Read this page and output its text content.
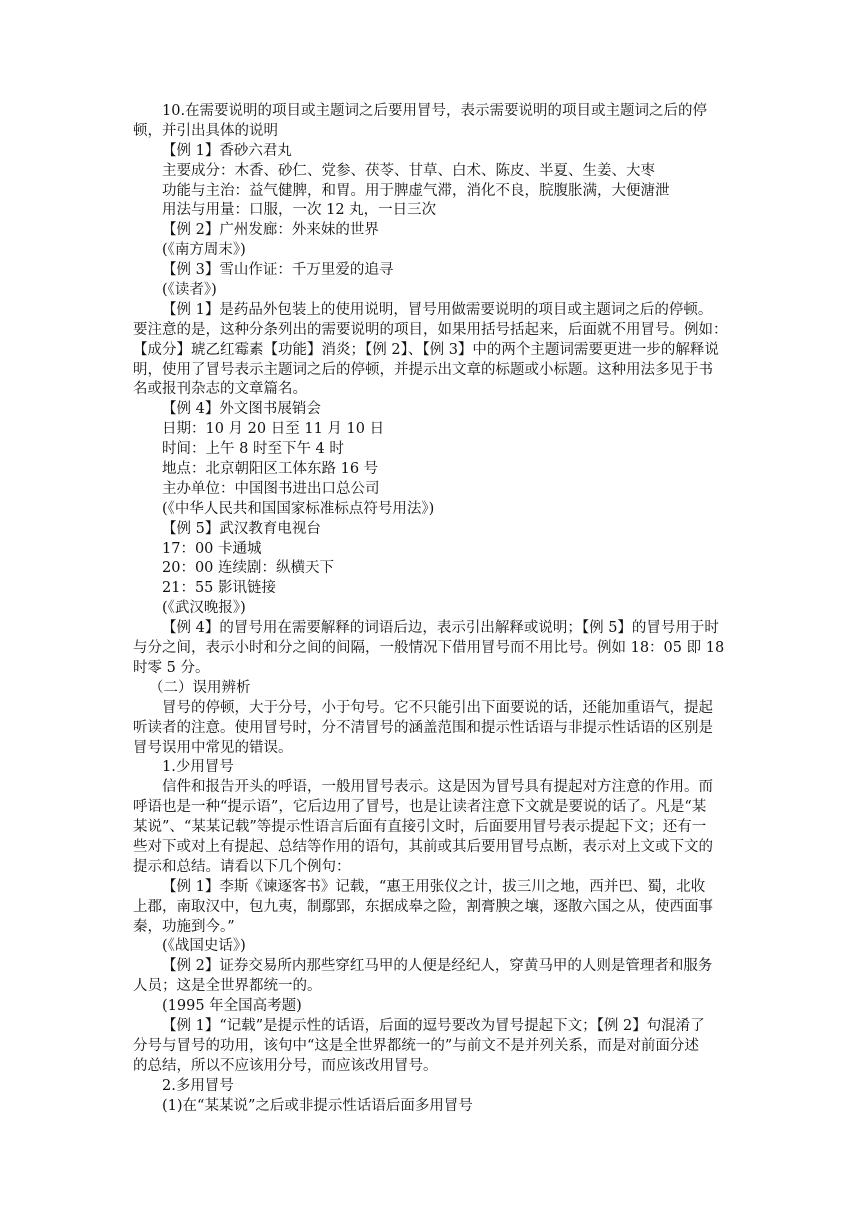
10.在需要说明的项目或主题词之后要用冒号，表示需要说明的项目或主题词之后的停
顿，并引出具体的说明
【例 1】香砂六君丸
主要成分：木香、砂仁、党参、茯苓、甘草、白术、陈皮、半夏、生姜、大枣
功能与主治：益气健脾，和胃。用于脾虚气滞，消化不良，脘腹胀满，大便溏泄
用法与用量：口服，一次 12 丸，一日三次
【例 2】广州发廊：外来妹的世界
(《南方周末》)
【例 3】雪山作证：千万里爱的追寻
(《读者》)
【例 1】是药品外包装上的使用说明，冒号用做需要说明的项目或主题词之后的停顿。
要注意的是，这种分条列出的需要说明的项目，如果用括号括起来，后面就不用冒号。例如：
【成分】琥乙红霉素【功能】消炎；【例 2】、【例 3】中的两个主题词需要更进一步的解释说
明，使用了冒号表示主题词之后的停顿，并提示出文章的标题或小标题。这种用法多见于书
名或报刊杂志的文章篇名。
【例 4】外文图书展销会
日期：10 月 20 日至 11 月 10 日
时间：上午 8 时至下午 4 时
地点：北京朝阳区工体东路 16 号
主办单位：中国图书进出口总公司
(《中华人民共和国国家标准标点符号用法》)
【例 5】武汉教育电视台
17：00 卡通城
20：00 连续剧：纵横天下
21：55 影讯链接
(《武汉晚报》)
【例 4】的冒号用在需要解释的词语后边，表示引出解释或说明；【例 5】的冒号用于时
与分之间，表示小时和分之间的间隔，一般情况下借用冒号而不用比号。例如 18：05 即 18
时零 5 分。
（二）误用辨析
冒号的停顿，大于分号，小于句号。它不只能引出下面要说的话，还能加重语气，提起
听读者的注意。使用冒号时，分不清冒号的涵盖范围和提示性话语与非提示性话语的区别是
冒号误用中常见的错误。
1.少用冒号
信件和报告开头的呼语，一般用冒号表示。这是因为冒号具有提起对方注意的作用。而
呼语也是一种“提示语”，它后边用了冒号，也是让读者注意下文就是要说的话了。凡是“某
某说”、“某某记载”等提示性语言后面有直接引文时，后面要用冒号表示提起下文；还有一
些对下或对上有提起、总结等作用的语句，其前或其后要用冒号点断，表示对上文或下文的
提示和总结。请看以下几个例句：
【例 1】李斯《谏逐客书》记载，“惠王用张仪之计，拔三川之地，西并巴、蜀，北收
上郡，南取汉中，包九夷，制鄢郢，东据成皋之险，割膏腴之壤，逐散六国之从，使西面事
秦，功施到今。”
(《战国史话》)
【例 2】证券交易所内那些穿红马甲的人便是经纪人，穿黄马甲的人则是管理者和服务
人员；这是全世界都统一的。
(1995 年全国高考题)
【例 1】“记载”是提示性的话语，后面的逗号要改为冒号提起下文；【例 2】句混淆了
分号与冒号的功用，该句中“这是全世界都统一的”与前文不是并列关系，而是对前面分述
的总结，所以不应该用分号，而应该改用冒号。
2.多用冒号
(1)在“某某说”之后或非提示性话语后面多用冒号
